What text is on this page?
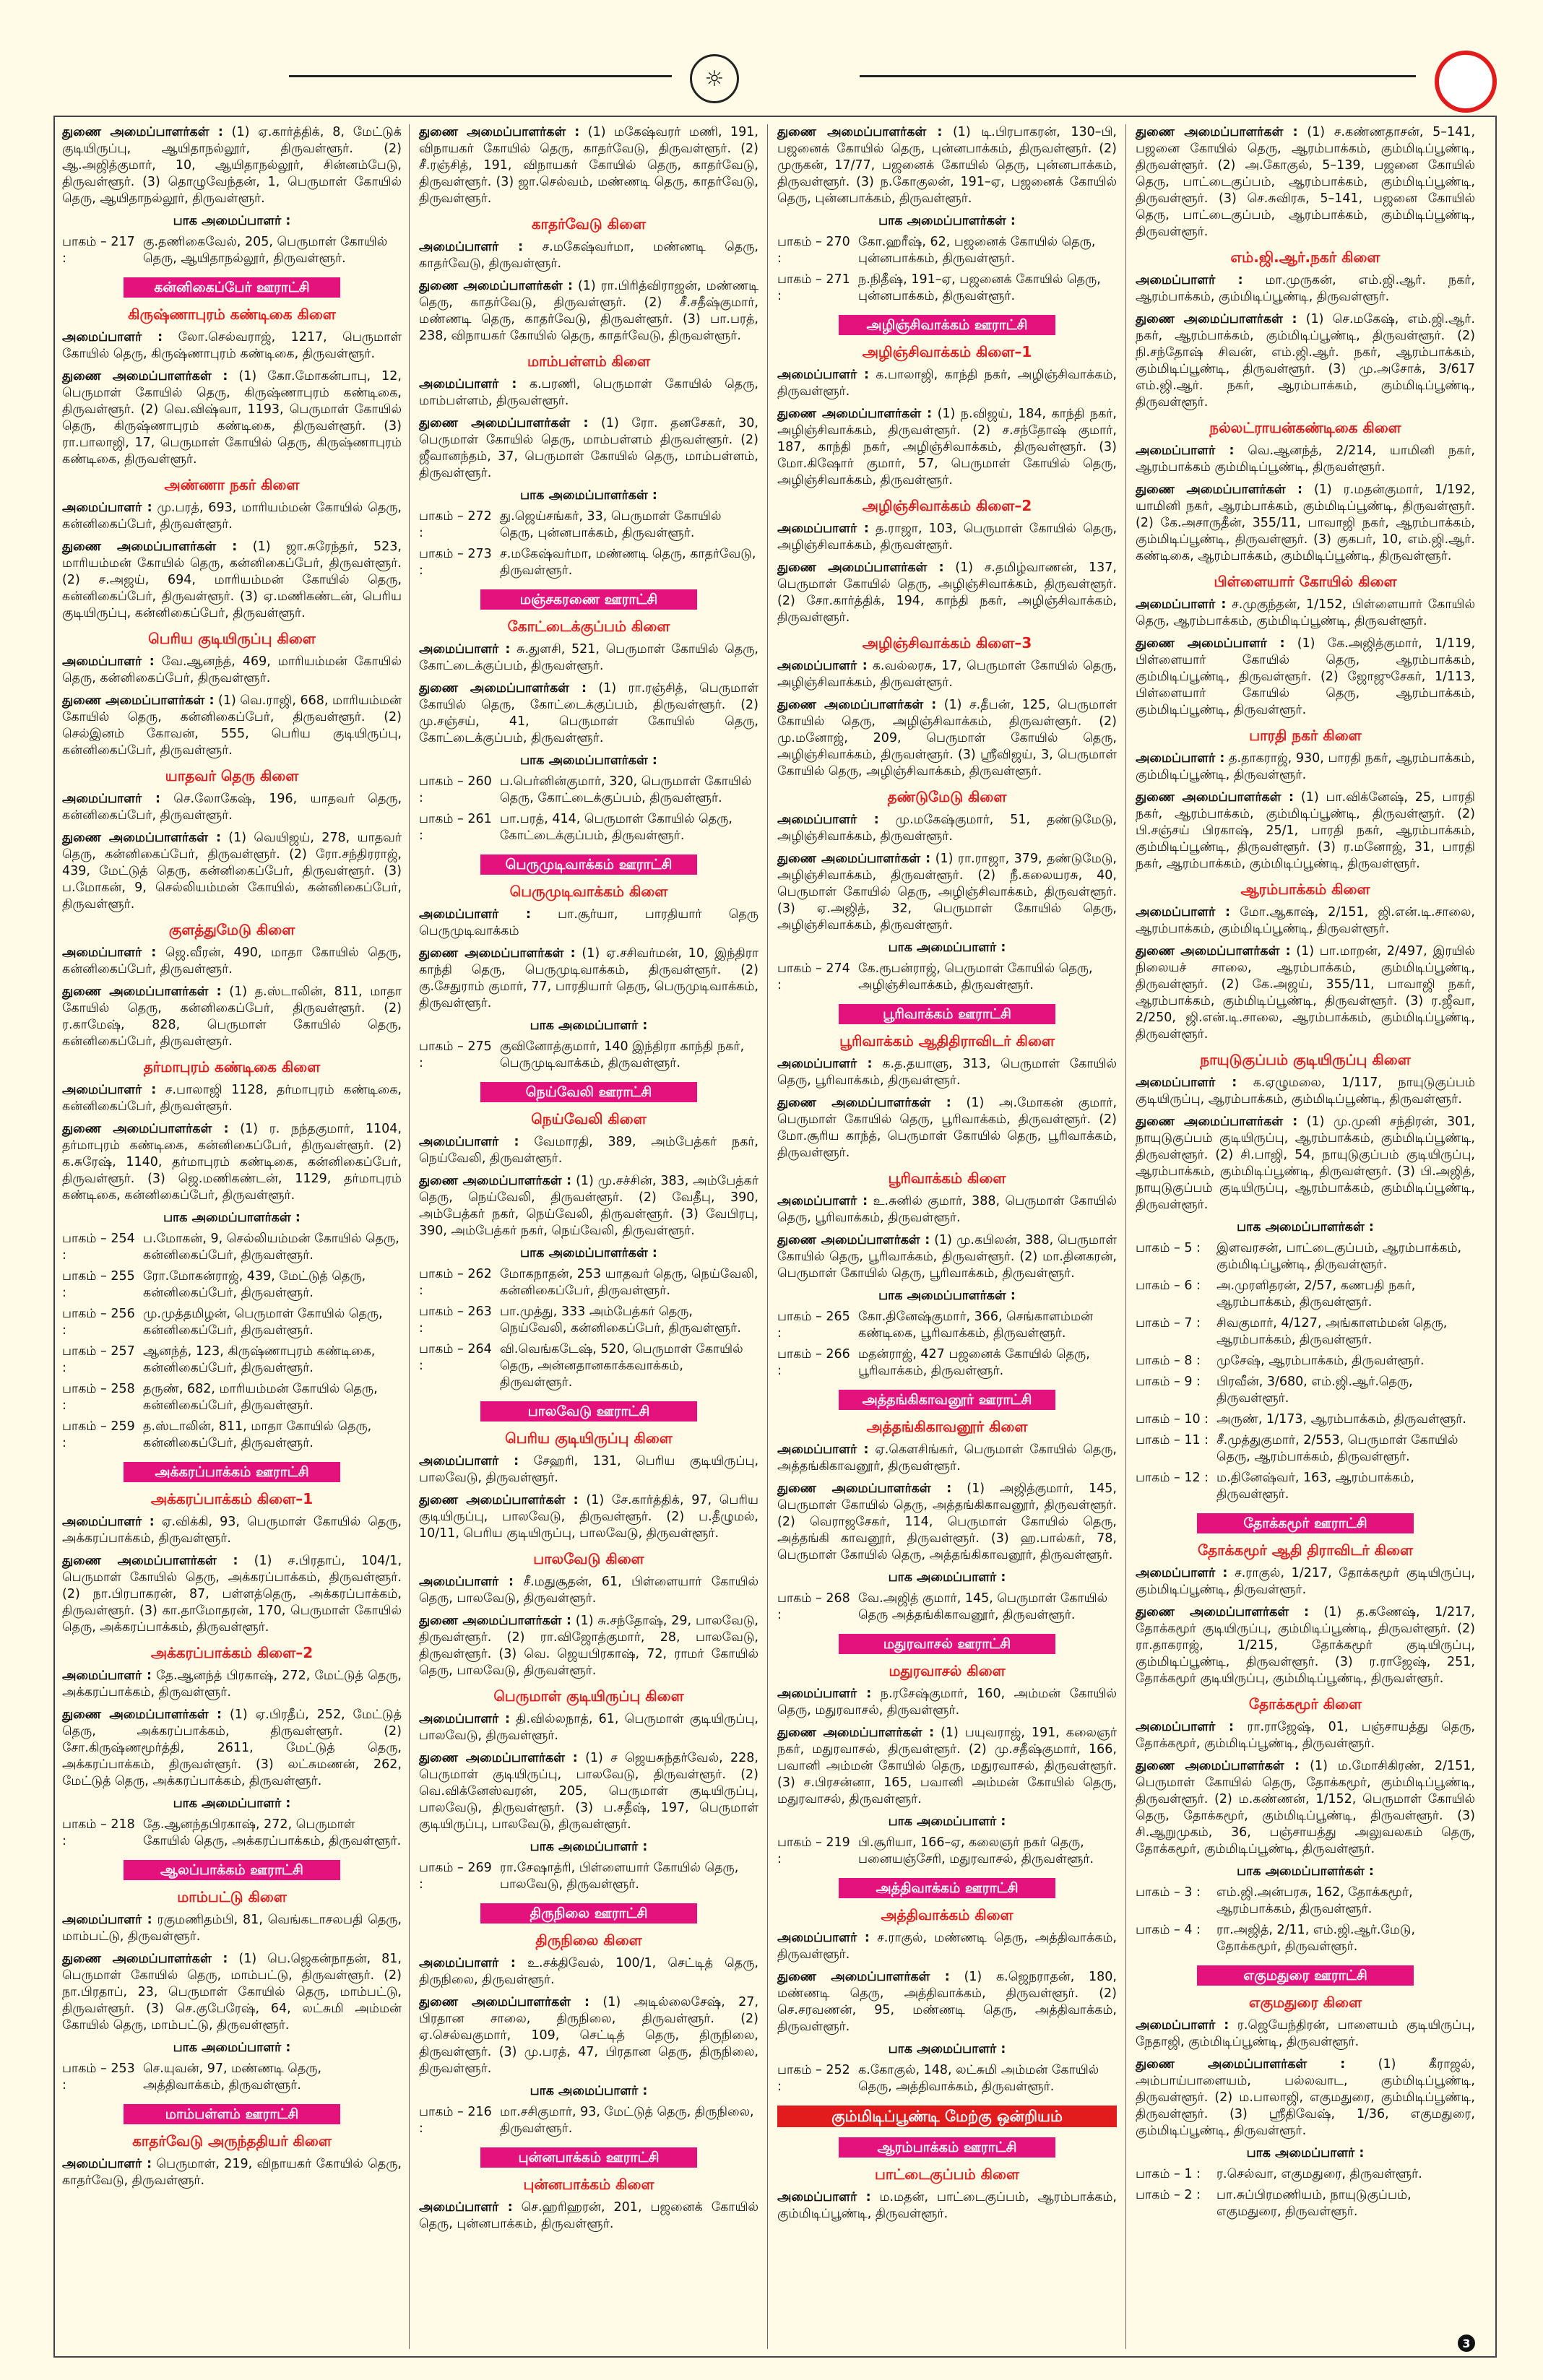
☼

துணை அமைப்பாளர்கள் : (1) ஏ.கார்த்திக், 8, மேட்டுக் குடியிருப்பு, ஆயிதாநல்லூர், திருவள்ளூர். (2) ஆ.அஜித்குமார், 10, ஆயிதாநல்லூர், சின்னம்பேடு, திருவள்ளூர். (3) தொழுவேந்தன், 1, பெருமாள் கோயில் தெரு, ஆயிதாநல்லூர், திருவள்ளூர்.

பாக அமைப்பாளர் :
பாகம் – 217 :
கு.தணிகைவேல், 205, பெருமாள் கோயில் தெரு, ஆயிதாநல்லூர், திருவள்ளூர்.
கன்னிகைப்பேர் ஊராட்சி
கிருஷ்ணாபுரம் கண்டிகை கிளை

அமைப்பாளர் : லோ.செல்வராஜ், 1217, பெருமாள் கோயில் தெரு, கிருஷ்ணாபுரம் கண்டிகை, திருவள்ளூர்.

துணை அமைப்பாளர்கள் : (1) கோ.மோகன்பாபு, 12, பெருமாள் கோயில் தெரு, கிருஷ்ணாபுரம் கண்டிகை, திருவள்ளூர். (2) வெ.விஷ்வா, 1193, பெருமாள் கோயில் தெரு, கிருஷ்ணாபுரம் கண்டிகை, திருவள்ளூர். (3) ரா.பாலாஜி, 17, பெருமாள் கோயில் தெரு, கிருஷ்ணாபுரம் கண்டிகை, திருவள்ளூர்.

அண்ணா நகர் கிளை

அமைப்பாளர் : மு.பரத், 693, மாரியம்மன் கோயில் தெரு, கன்னிகைப்பேர், திருவள்ளூர்.

துணை அமைப்பாளர்கள் : (1) ஜா.சுரேந்தர், 523, மாரியம்மன் கோயில் தெரு, கன்னிகைப்பேர், திருவள்ளூர். (2) ச.அஜய், 694, மாரியம்மன் கோயில் தெரு, கன்னிகைப்பேர், திருவள்ளூர். (3) ஏ.மணிகண்டன், பெரிய குடியிருப்பு, கன்னிகைப்பேர், திருவள்ளூர்.

பெரிய குடியிருப்பு கிளை

அமைப்பாளர் : வே.ஆனந்த், 469, மாரியம்மன் கோயில் தெரு, கன்னிகைப்பேர், திருவள்ளூர்.

துணை அமைப்பாளர்கள் : (1) வெ.ராஜி, 668, மாரியம்மன் கோயில் தெரு, கன்னிகைப்பேர், திருவள்ளூர். (2) செல்இனம் கோவன், 555, பெரிய குடியிருப்பு, கன்னிகைப்பேர், திருவள்ளூர்.

யாதவர் தெரு கிளை

அமைப்பாளர் : செ.லோகேஷ், 196, யாதவர் தெரு, கன்னிகைப்பேர், திருவள்ளூர்.

துணை அமைப்பாளர்கள் : (1) வெயிஜய், 278, யாதவர் தெரு, கன்னிகைப்பேர், திருவள்ளூர். (2) ரோ.சந்திரராஜ், 439, மேட்டுத் தெரு, கன்னிகைப்பேர், திருவள்ளூர். (3) ப.மோகன், 9, செல்லியம்மன் கோயில், கன்னிகைப்பேர், திருவள்ளூர்.

குளத்துமேடு கிளை

அமைப்பாளர் : ஜெ.வீரன், 490, மாதா கோயில் தெரு, கன்னிகைப்பேர், திருவள்ளூர்.

துணை அமைப்பாளர்கள் : (1) த.ஸ்டாலின், 811, மாதா கோயில் தெரு, கன்னிகைப்பேர், திருவள்ளூர். (2) ர.காமேஷ், 828, பெருமாள் கோயில் தெரு, கன்னிகைப்பேர், திருவள்ளூர்.

தர்மாபுரம் கண்டிகை கிளை

அமைப்பாளர் : ச.பாலாஜி 1128, தர்மாபுரம் கண்டிகை, கன்னிகைப்பேர், திருவள்ளூர்.

துணை அமைப்பாளர்கள் : (1) ர. நந்தகுமார், 1104, தர்மாபுரம் கண்டிகை, கன்னிகைப்பேர், திருவள்ளூர். (2) க.சுரேஷ், 1140, தர்மாபுரம் கண்டிகை, கன்னிகைப்பேர், திருவள்ளூர். (3) ஜெ.மணிகண்டன், 1129, தர்மாபுரம் கண்டிகை, கன்னிகைப்பேர், திருவள்ளூர்.

பாக அமைப்பாளர்கள் :
பாகம் – 254 :
ப.மோகன், 9, செல்லியம்மன் கோயில் தெரு, கன்னிகைப்பேர், திருவள்ளூர்.
பாகம் – 255 :
ரோ.மோகன்ராஜ், 439, மேட்டுத் தெரு, கன்னிகைப்பேர், திருவள்ளூர்.
பாகம் – 256 :
மு.முத்தமிழன், பெருமாள் கோயில் தெரு, கன்னிகைப்பேர், திருவள்ளூர்.
பாகம் – 257 :
ஆனந்த், 123, கிருஷ்ணாபுரம் கண்டிகை, கன்னிகைப்பேர், திருவள்ளூர்.
பாகம் – 258 :
தருண், 682, மாரியம்மன் கோயில் தெரு, கன்னிகைப்பேர், திருவள்ளூர்.
பாகம் – 259 :
த.ஸ்டாலின், 811, மாதா கோயில் தெரு, கன்னிகைப்பேர், திருவள்ளூர்.
அக்கரப்பாக்கம் ஊராட்சி
அக்கரப்பாக்கம் கிளை–1

அமைப்பாளர் : ஏ.விக்கி, 93, பெருமாள் கோயில் தெரு, அக்கரப்பாக்கம், திருவள்ளூர்.

துணை அமைப்பாளர்கள் : (1) ச.பிரதாப், 104/1, பெருமாள் கோயில் தெரு, அக்கரப்பாக்கம், திருவள்ளூர். (2) நா.பிரபாகரன், 87, பள்ளத்தெரு, அக்கரப்பாக்கம், திருவள்ளூர். (3) கா.தாமோதரன், 170, பெருமாள் கோயில் தெரு, அக்கரப்பாக்கம், திருவள்ளூர்.

அக்கரப்பாக்கம் கிளை–2

அமைப்பாளர் : தே.ஆனந்த் பிரகாஷ், 272, மேட்டுத் தெரு, அக்கரப்பாக்கம், திருவள்ளூர்.

துணை அமைப்பாளர்கள் : (1) ஏ.பிரதீப், 252, மேட்டுத் தெரு, அக்கரப்பாக்கம், திருவள்ளூர். (2) சோ.கிருஷ்ணமூர்த்தி, 2611, மேட்டுத் தெரு, அக்கரப்பாக்கம், திருவள்ளூர். (3) லட்சுமணன், 262, மேட்டுத் தெரு, அக்கரப்பாக்கம், திருவள்ளூர்.

பாக அமைப்பாளர் :
பாகம் – 218 :
தே.ஆனந்தபிரகாஷ், 272, பெருமாள் கோயில் தெரு, அக்கரப்பாக்கம், திருவள்ளூர்.
ஆலப்பாக்கம் ஊராட்சி
மாம்பட்டு கிளை

அமைப்பாளர் : ரகுமணிதம்பி, 81, வெங்கடாசலபதி தெரு, மாம்பட்டு, திருவள்ளூர்.

துணை அமைப்பாளர்கள் : (1) பெ.ஜெகன்நாதன், 81, பெருமாள் கோயில் தெரு, மாம்பட்டு, திருவள்ளூர். (2) நா.பிரதாப், 23, பெருமாள் கோயில் தெரு, மாம்பட்டு, திருவள்ளூர். (3) செ.குபேரேஷ், 64, லட்சுமி அம்மன் கோயில் தெரு, மாம்பட்டு, திருவள்ளூர்.

பாக அமைப்பாளர் :
பாகம் – 253 :
செ.யுவன், 97, மண்ணடி தெரு, அத்திவாக்கம், திருவள்ளூர்.
மாம்பள்ளம் ஊராட்சி
காதர்வேடு அருந்ததியர் கிளை

அமைப்பாளர் : பெருமாள், 219, விநாயகர் கோயில் தெரு, காதர்வேடு, திருவள்ளூர்.

துணை அமைப்பாளர்கள் : (1) மகேஷ்வரர் மணி, 191, விநாயகர் கோயில் தெரு, காதர்வேடு, திருவள்ளூர். (2) சீ.ரஞ்சித், 191, விநாயகர் கோயில் தெரு, காதர்வேடு, திருவள்ளூர். (3) ஜா.செல்வம், மண்ணடி தெரு, காதர்வேடு, திருவள்ளூர்.

காதர்வேடு கிளை

அமைப்பாளர் : ச.மகேஷ்வர்மா, மண்ணடி தெரு, காதர்வேடு, திருவள்ளூர்.

துணை அமைப்பாளர்கள் : (1) ரா.பிரித்விராஜன், மண்ணடி தெரு, காதர்வேடு, திருவள்ளூர். (2) சீ.சதீஷ்குமார், மண்ணடி தெரு, காதர்வேடு, திருவள்ளூர். (3) பா.பரத், 238, விநாயகர் கோயில் தெரு, காதர்வேடு, திருவள்ளூர்.

மாம்பள்ளம் கிளை

அமைப்பாளர் : க.பரணி, பெருமாள் கோயில் தெரு, மாம்பள்ளம், திருவள்ளூர்.

துணை அமைப்பாளர்கள் : (1) ரோ. தனசேகர், 30, பெருமாள் கோயில் தெரு, மாம்பள்ளம் திருவள்ளூர். (2) ஜீவானந்தம், 37, பெருமாள் கோயில் தெரு, மாம்பள்ளம், திருவள்ளூர்.

பாக அமைப்பாளர்கள் :
பாகம் – 272 :
து.ஜெய்சங்கர், 33, பெருமாள் கோயில் தெரு, புன்னபாக்கம், திருவள்ளூர்.
பாகம் – 273 :
ச.மகேஷ்வர்மா, மண்ணடி தெரு, காதர்வேடு, திருவள்ளூர்.
மஞ்சகரணை ஊராட்சி
கோட்டைக்குப்பம் கிளை

அமைப்பாளர் : சு.துளசி, 521, பெருமாள் கோயில் தெரு, கோட்டைக்குப்பம், திருவள்ளூர்.

துணை அமைப்பாளர்கள் : (1) ரா.ரஞ்சித், பெருமாள் கோயில் தெரு, கோட்டைக்குப்பம், திருவள்ளூர். (2) மு.சஞ்சய், 41, பெருமாள் கோயில் தெரு, கோட்டைக்குப்பம், திருவள்ளூர்.

பாக அமைப்பாளர்கள் :
பாகம் – 260 :
ப.பெர்னின்குமார், 320, பெருமாள் கோயில் தெரு, கோட்டைக்குப்பம், திருவள்ளூர்.
பாகம் – 261 :
பா.பரத், 414, பெருமாள் கோயில் தெரு, கோட்டைக்குப்பம், திருவள்ளூர்.
பெருமுடிவாக்கம் ஊராட்சி
பெருமுடிவாக்கம் கிளை

அமைப்பாளர் : பா.சூர்யா, பாரதியார் தெரு பெருமுடிவாக்கம்

துணை அமைப்பாளர்கள் : (1) ஏ.சசிவர்மன், 10, இந்திரா காந்தி தெரு, பெருமுடிவாக்கம், திருவள்ளூர். (2) கு.சேதுராம் குமார், 77, பாரதியார் தெரு, பெருமுடிவாக்கம், திருவள்ளூர்.

பாக அமைப்பாளர் :
பாகம் – 275 :
குவினோத்குமார், 140 இந்திரா காந்தி நகர், பெருமுடிவாக்கம், திருவள்ளூர்.
நெய்வேலி ஊராட்சி
நெய்வேலி கிளை

அமைப்பாளர் : வேமாரதி, 389, அம்பேத்கர் நகர், நெய்வேலி, திருவள்ளூர்.

துணை அமைப்பாளர்கள் : (1) மு.சச்சின், 383, அம்பேத்கர் தெரு, நெய்வேலி, திருவள்ளூர். (2) வேதீபு, 390, அம்பேத்கர் நகர், நெய்வேலி, திருவள்ளூர். (3) வேபிரபு, 390, அம்பேத்கர் நகர், நெய்வேலி, திருவள்ளூர்.

பாக அமைப்பாளர்கள் :
பாகம் – 262 :
மோகநாதன், 253 யாதவர் தெரு, நெய்வேலி, கன்னிகைப்பேர், திருவள்ளூர்.
பாகம் – 263 :
பா.முத்து, 333 அம்பேத்கர் தெரு, நெய்வேலி, கன்னிகைப்பேர், திருவள்ளூர்.
பாகம் – 264 :
வி.வெங்கடேஷ், 520, பெருமாள் கோயில் தெரு, அன்னதானகாக்கவாக்கம், திருவள்ளூர்.
பாலவேடு ஊராட்சி
பெரிய குடியிருப்பு கிளை

அமைப்பாளர் : சேஹரி, 131, பெரிய குடியிருப்பு, பாலவேடு, திருவள்ளூர்.

துணை அமைப்பாளர்கள் : (1) சே.கார்த்திக், 97, பெரிய குடியிருப்பு, பாலவேடு, திருவள்ளூர். (2) ப.தீழுமல், 10/11, பெரிய குடியிருப்பு, பாலவேடு, திருவள்ளூர்.

பாலவேடு கிளை

அமைப்பாளர் : சீ.மதுசூதன், 61, பிள்ளையார் கோயில் தெரு, பாலவேடு, திருவள்ளூர்.

துணை அமைப்பாளர்கள் : (1) சு.சந்தோஷ், 29, பாலவேடு, திருவள்ளூர். (2) ரா.விஜோத்குமார், 28, பாலவேடு, திருவள்ளூர். (3) வெ. ஜெயபிரகாஷ், 72, ராமர் கோயில் தெரு, பாலவேடு, திருவள்ளூர்.

பெருமாள் குடியிருப்பு கிளை

அமைப்பாளர் : தி.வில்லநாத், 61, பெருமாள் குடியிருப்பு, பாலவேடு, திருவள்ளூர்.

துணை அமைப்பாளர்கள் : (1) ச ஜெயசுந்தர்வேல், 228, பெருமாள் குடியிருப்பு, பாலவேடு, திருவள்ளூர். (2) வெ.விக்னேஸ்வரன், 205, பெருமாள் குடியிருப்பு, பாலவேடு, திருவள்ளூர். (3) ப.சதீஷ், 197, பெருமாள் குடியிருப்பு, பாலவேடு, திருவள்ளூர்.

பாக அமைப்பாளர் :
பாகம் – 269 :
ரா.சேஷாத்ரி, பிள்ளையார் கோயில் தெரு, பாலவேடு, திருவள்ளூர்.
திருநிலை ஊராட்சி
திருநிலை கிளை

அமைப்பாளர் : உ.சக்திவேல், 100/1, செட்டித் தெரு, திருநிலை, திருவள்ளூர்.

துணை அமைப்பாளர்கள் : (1) அடில்லைசேஷ், 27, பிரதான சாலை, திருநிலை, திருவள்ளூர். (2) ஏ.செல்வகுமார், 109, செட்டித் தெரு, திருநிலை, திருவள்ளூர். (3) மு.பரத், 47, பிரதான தெரு, திருநிலை, திருவள்ளூர்.

பாக அமைப்பாளர் :
பாகம் – 216 :
மா.சசிகுமார், 93, மேட்டுத் தெரு, திருநிலை, திருவள்ளூர்.
புன்னபாக்கம் ஊராட்சி
புன்னபாக்கம் கிளை

அமைப்பாளர் : செ.ஹரிஹரன், 201, பஜனைக் கோயில் தெரு, புன்னபாக்கம், திருவள்ளூர்.

துணை அமைப்பாளர்கள் : (1) டி.பிரபாகரன், 130–பி, பஜனைக் கோயில் தெரு, புன்னபாக்கம், திருவள்ளூர். (2) முருகன், 17/77, பஜனைக் கோயில் தெரு, புன்னபாக்கம், திருவள்ளூர். (3) ந.கோகுலன், 191–ஏ, பஜனைக் கோயில் தெரு, புன்னபாக்கம், திருவள்ளூர்.

பாக அமைப்பாளர்கள் :
பாகம் – 270 :
கோ.ஹரீஷ், 62, பஜனைக் கோயில் தெரு, புன்னபாக்கம், திருவள்ளூர்.
பாகம் – 271 :
ந.நிதீஷ், 191–ஏ, பஜனைக் கோயில் தெரு, புன்னபாக்கம், திருவள்ளூர்.
அழிஞ்சிவாக்கம் ஊராட்சி
அழிஞ்சிவாக்கம் கிளை–1

அமைப்பாளர் : க.பாலாஜி, காந்தி நகர், அழிஞ்சிவாக்கம், திருவள்ளூர்.

துணை அமைப்பாளர்கள் : (1) ந.விஜய், 184, காந்தி நகர், அழிஞ்சிவாக்கம், திருவள்ளூர். (2) ச.சந்தோஷ் குமார், 187, காந்தி நகர், அழிஞ்சிவாக்கம், திருவள்ளூர். (3) மோ.கிஷோர் குமார், 57, பெருமாள் கோயில் தெரு, அழிஞ்சிவாக்கம், திருவள்ளூர்.

அழிஞ்சிவாக்கம் கிளை–2

அமைப்பாளர் : த.ராஜா, 103, பெருமாள் கோயில் தெரு, அழிஞ்சிவாக்கம், திருவள்ளூர்.

துணை அமைப்பாளர்கள் : (1) ச.தமிழ்வாணன், 137, பெருமாள் கோயில் தெரு, அழிஞ்சிவாக்கம், திருவள்ளூர். (2) சோ.கார்த்திக், 194, காந்தி நகர், அழிஞ்சிவாக்கம், திருவள்ளூர்.

அழிஞ்சிவாக்கம் கிளை–3

அமைப்பாளர் : க.வல்லரசு, 17, பெருமாள் கோயில் தெரு, அழிஞ்சிவாக்கம், திருவள்ளூர்.

துணை அமைப்பாளர்கள் : (1) ச.தீபன், 125, பெருமாள் கோயில் தெரு, அழிஞ்சிவாக்கம், திருவள்ளூர். (2) மு.மனோஜ், 209, பெருமாள் கோயில் தெரு, அழிஞ்சிவாக்கம், திருவள்ளூர். (3) ஸ்ரீவிஜய், 3, பெருமாள் கோயில் தெரு, அழிஞ்சிவாக்கம், திருவள்ளூர்.

தண்டுமேடு கிளை

அமைப்பாளர் : மு.மகேஷ்குமார், 51, தண்டுமேடு, அழிஞ்சிவாக்கம், திருவள்ளூர்.

துணை அமைப்பாளர்கள் : (1) ரா.ராஜா, 379, தண்டுமேடு, அழிஞ்சிவாக்கம், திருவள்ளூர். (2) நீ.கலையரசு, 40, பெருமாள் கோயில் தெரு, அழிஞ்சிவாக்கம், திருவள்ளூர். (3) ஏ.அஜித், 32, பெருமாள் கோயில் தெரு, அழிஞ்சிவாக்கம், திருவள்ளூர்.

பாக அமைப்பாளர் :
பாகம் – 274 :
கே.ரூபன்ராஜ், பெருமாள் கோயில் தெரு, அழிஞ்சிவாக்கம், திருவள்ளூர்.
பூரிவாக்கம் ஊராட்சி
பூரிவாக்கம் ஆதிதிராவிடர் கிளை

அமைப்பாளர் : க.த.தயாளு, 313, பெருமாள் கோயில் தெரு, பூரிவாக்கம், திருவள்ளூர்.

துணை அமைப்பாளர்கள் : (1) அ.மோகன் குமார், பெருமாள் கோயில் தெரு, பூரிவாக்கம், திருவள்ளூர். (2) மோ.சூரிய காந்த், பெருமாள் கோயில் தெரு, பூரிவாக்கம், திருவள்ளூர்.

பூரிவாக்கம் கிளை

அமைப்பாளர் : உ.சுனில் குமார், 388, பெருமாள் கோயில் தெரு, பூரிவாக்கம், திருவள்ளூர்.

துணை அமைப்பாளர்கள் : (1) மு.கபிலன், 388, பெருமாள் கோயில் தெரு, பூரிவாக்கம், திருவள்ளூர். (2) மா.தினகரன், பெருமாள் கோயில் தெரு, பூரிவாக்கம், திருவள்ளூர்.

பாக அமைப்பாளர்கள் :
பாகம் – 265 :
கோ.தினேஷ்குமார், 366, செங்காளம்மன் கண்டிகை, பூரிவாக்கம், திருவள்ளூர்.
பாகம் – 266 :
மதன்ராஜ், 427 பஜனைக் கோயில் தெரு, பூரிவாக்கம், திருவள்ளூர்.
அத்தங்கிகாவனூர் ஊராட்சி
அத்தங்கிகாவனூர் கிளை

அமைப்பாளர் : ஏ.கௌசிங்கர், பெருமாள் கோயில் தெரு, அத்தங்கிகாவனூர், திருவள்ளூர்.

துணை அமைப்பாளர்கள் : (1) அஜித்குமார், 145, பெருமாள் கோயில் தெரு, அத்தங்கிகாவனூர், திருவள்ளூர். (2) வெராஜசேகர், 114, பெருமாள் கோயில் தெரு, அத்தங்கி காவனூர், திருவள்ளூர். (3) ஹ.பால்கர், 78, பெருமாள் கோயில் தெரு, அத்தங்கிகாவனூர், திருவள்ளூர்.

பாக அமைப்பாளர் :
பாகம் – 268 :
வே.அஜித் குமார், 145, பெருமாள் கோயில் தெரு அத்தங்கிகாவனூர், திருவள்ளூர்.
மதுரவாசல் ஊராட்சி
மதுரவாசல் கிளை

அமைப்பாளர் : ந.ரசேஷ்குமார், 160, அம்மன் கோயில் தெரு, மதுரவாசல், திருவள்ளூர்.

துணை அமைப்பாளர்கள் : (1) பயுவராஜ், 191, கலைஞர் நகர், மதுரவாசல், திருவள்ளூர். (2) மு.சதீஷ்குமார், 166, பவானி அம்மன் கோயில் தெரு, மதுரவாசல், திருவள்ளூர். (3) ச.பிரசன்னா, 165, பவானி அம்மன் கோயில் தெரு, மதுரவாசல், திருவள்ளூர்.

பாக அமைப்பாளர் :
பாகம் – 219 :
பி.சூரியா, 166–ஏ, கலைஞர் நகர் தெரு, பனையஞ்சேரி, மதுரவாசல், திருவள்ளூர்.
அத்திவாக்கம் ஊராட்சி
அத்திவாக்கம் கிளை

அமைப்பாளர் : ச.ராகுல், மண்ணடி தெரு, அத்திவாக்கம், திருவள்ளூர்.

துணை அமைப்பாளர்கள் : (1) க.ஜெநராதன், 180, மண்ணடி தெரு, அத்திவாக்கம், திருவள்ளூர். (2) செ.சரவணன், 95, மண்ணடி தெரு, அத்திவாக்கம், திருவள்ளூர்.

பாக அமைப்பாளர் :
பாகம் – 252 :
க.கோகுல், 148, லட்சுமி அம்மன் கோயில் தெரு, அத்திவாக்கம், திருவள்ளூர்.
கும்மிடிப்பூண்டி மேற்கு ஒன்றியம்
ஆரம்பாக்கம் ஊராட்சி
பாட்டைகுப்பம் கிளை

அமைப்பாளர் : ம.மதன், பாட்டைகுப்பம், ஆரம்பாக்கம், கும்மிடிப்பூண்டி, திருவள்ளூர்.

துணை அமைப்பாளர்கள் : (1) ச.கண்ணதாசன், 5–141, பஜனை கோயில் தெரு, ஆரம்பாக்கம், கும்மிடிப்பூண்டி, திருவள்ளூர். (2) அ.கோகுல், 5–139, பஜனை கோயில் தெரு, பாட்டைகுப்பம், ஆரம்பாக்கம், கும்மிடிப்பூண்டி, திருவள்ளூர். (3) செ.சுவிரசு, 5–141, பஜனை கோயில் தெரு, பாட்டைகுப்பம், ஆரம்பாக்கம், கும்மிடிப்பூண்டி, திருவள்ளூர்.

எம்.ஜி.ஆர்.நகர் கிளை

அமைப்பாளர் : மா.முருகன், எம்.ஜி.ஆர். நகர், ஆரம்பாக்கம், கும்மிடிப்பூண்டி, திருவள்ளூர்.

துணை அமைப்பாளர்கள் : (1) செ.மகேஷ், எம்.ஜி.ஆர். நகர், ஆரம்பாக்கம், கும்மிடிப்பூண்டி, திருவள்ளூர். (2) நி.சந்தோஷ் சிவன், எம்.ஜி.ஆர். நகர், ஆரம்பாக்கம், கும்மிடிப்பூண்டி, திருவள்ளூர். (3) மு.அசோக், 3/617 எம்.ஜி.ஆர். நகர், ஆரம்பாக்கம், கும்மிடிப்பூண்டி, திருவள்ளூர்.

நல்லட்ராயன்கண்டிகை கிளை

அமைப்பாளர் : வெ.ஆனந்த், 2/214, யாமினி நகர், ஆரம்பாக்கம் கும்மிடிப்பூண்டி, திருவள்ளூர்.

துணை அமைப்பாளர்கள் : (1) ர.மதன்குமார், 1/192, யாமினி நகர், ஆரம்பாக்கம், கும்மிடிப்பூண்டி, திருவள்ளூர். (2) கே.அசாருதீன், 355/11, பாவாஜி நகர், ஆரம்பாக்கம், கும்மிடிப்பூண்டி, திருவள்ளூர். (3) குகபர், 10, எம்.ஜி.ஆர். கண்டிகை, ஆரம்பாக்கம், கும்மிடிப்பூண்டி, திருவள்ளூர்.

பிள்ளையார் கோயில் கிளை

அமைப்பாளர் : ச.முகுந்தன், 1/152, பிள்ளையார் கோயில் தெரு, ஆரம்பாக்கம், கும்மிடிப்பூண்டி, திருவள்ளூர்.

துணை அமைப்பாளர் : (1) கே.அஜித்குமார், 1/119, பிள்ளையார் கோயில் தெரு, ஆரம்பாக்கம், கும்மிடிப்பூண்டி, திருவள்ளூர். (2) ஜோஜுசேகர், 1/113, பிள்ளையார் கோயில் தெரு, ஆரம்பாக்கம், கும்மிடிப்பூண்டி, திருவள்ளூர்.

பாரதி நகர் கிளை

அமைப்பாளர் : த.தாகராஜ், 930, பாரதி நகர், ஆரம்பாக்கம், கும்மிடிப்பூண்டி, திருவள்ளூர்.

துணை அமைப்பாளர்கள் : (1) பா.விக்னேஷ், 25, பாரதி நகர், ஆரம்பாக்கம், கும்மிடிப்பூண்டி, திருவள்ளூர். (2) பி.சஞ்சய் பிரகாஷ், 25/1, பாரதி நகர், ஆரம்பாக்கம், கும்மிடிப்பூண்டி, திருவள்ளூர். (3) ர.மனோஜ், 31, பாரதி நகர், ஆரம்பாக்கம், கும்மிடிப்பூண்டி, திருவள்ளூர்.

ஆரம்பாக்கம் கிளை

அமைப்பாளர் : மோ.ஆகாஷ், 2/151, ஜி.என்.டி.சாலை, ஆரம்பாக்கம், கும்மிடிப்பூண்டி, திருவள்ளூர்.

துணை அமைப்பாளர்கள் : (1) பா.மாறன், 2/497, இரயில் நிலையச் சாலை, ஆரம்பாக்கம், கும்மிடிப்பூண்டி, திருவள்ளூர். (2) கே.அஜய், 355/11, பாவாஜி நகர், ஆரம்பாக்கம், கும்மிடிப்பூண்டி, திருவள்ளூர். (3) ர.ஜீவா, 2/250, ஜி.என்.டி.சாலை, ஆரம்பாக்கம், கும்மிடிப்பூண்டி, திருவள்ளூர்.

நாயுடுகுப்பம் குடியிருப்பு கிளை

அமைப்பாளர் : க.ஏழுமலை, 1/117, நாயுடுகுப்பம் குடியிருப்பு, ஆரம்பாக்கம், கும்மிடிப்பூண்டி, திருவள்ளூர்.

துணை அமைப்பாளர்கள் : (1) மு.முனி சந்திரன், 301, நாயுடுகுப்பம் குடியிருப்பு, ஆரம்பாக்கம், கும்மிடிப்பூண்டி, திருவள்ளூர். (2) சி.பாஜி, 54, நாயுடுகுப்பம் குடியிருப்பு, ஆரம்பாக்கம், கும்மிடிப்பூண்டி, திருவள்ளூர். (3) பி.அஜித், நாயுடுகுப்பம் குடியிருப்பு, ஆரம்பாக்கம், கும்மிடிப்பூண்டி, திருவள்ளூர்.

பாக அமைப்பாளர்கள் :
பாகம் – 5 :	இளவரசன், பாட்டைகுப்பம், ஆரம்பாக்கம், கும்மிடிப்பூண்டி, திருவள்ளூர்.
பாகம் – 6 :	அ.முரளிதரன், 2/57, கணபதி நகர், ஆரம்பாக்கம், திருவள்ளூர்.
பாகம் – 7 :	சிவகுமார், 4/127, அங்காளம்மன் தெரு, ஆரம்பாக்கம், திருவள்ளூர்.
பாகம் – 8 :	முசேஷ், ஆரம்பாக்கம், திருவள்ளூர்.
பாகம் – 9 :	பிரவீன், 3/680, எம்.ஜி.ஆர்.தெரு, திருவள்ளூர்.
பாகம் – 10 : அருண், 1/173, ஆரம்பாக்கம், திருவள்ளூர்.
பாகம் – 11 : சீ.முத்துகுமார், 2/553, பெருமாள் கோயில் தெரு, ஆரம்பாக்கம், திருவள்ளூர்.
பாகம் – 12 : ம.தினேஷ்வர், 163, ஆரம்பாக்கம், திருவள்ளூர்.
தோக்கமூர் ஊராட்சி
தோக்கமூர் ஆதி திராவிடர் கிளை

அமைப்பாளர் : ச.ராகுல், 1/217, தோக்கமூர் குடியிருப்பு, கும்மிடிப்பூண்டி, திருவள்ளூர்.

துணை அமைப்பாளர்கள் : (1) த.கணேஷ், 1/217, தோக்கமூர் குடியிருப்பு, கும்மிடிப்பூண்டி, திருவள்ளூர். (2) ரா.தாகராஜ், 1/215, தோக்கமூர் குடியிருப்பு, கும்மிடிப்பூண்டி, திருவள்ளூர். (3) ர.ராஜேஷ், 251, தோக்கமூர் குடியிருப்பு, கும்மிடிப்பூண்டி, திருவள்ளூர்.

தோக்கமூர் கிளை

அமைப்பாளர் : ரா.ராஜேஷ், 01, பஞ்சாயத்து தெரு, தோக்கமூர், கும்மிடிப்பூண்டி, திருவள்ளூர்.

துணை அமைப்பாளர்கள் : (1) ம.மோசிகிரண், 2/151, பெருமாள் கோயில் தெரு, தோக்கமூர், கும்மிடிப்பூண்டி, திருவள்ளூர். (2) ம.கண்ணன், 1/152, பெருமாள் கோயில் தெரு, தோக்கமூர், கும்மிடிப்பூண்டி, திருவள்ளூர். (3) சி.ஆறுமுகம், 36, பஞ்சாயத்து அலுவலகம் தெரு, தோக்கமூர், கும்மிடிப்பூண்டி, திருவள்ளூர்.

பாக அமைப்பாளர்கள் :
பாகம் – 3 :	எம்.ஜி.அன்பரசு, 162, தோக்கமூர், ஆரம்பாக்கம், திருவள்ளூர்.
பாகம் – 4 :	ரா.அஜித், 2/11, எம்.ஜி.ஆர்.மேடு, தோக்கமூர், திருவள்ளூர்.
எகுமதுரை ஊராட்சி
எகுமதுரை கிளை

அமைப்பாளர் : ர.ஜெயேந்திரன், பாளையம் குடியிருப்பு, நேதாஜி, கும்மிடிப்பூண்டி, திருவள்ளூர்.

துணை அமைப்பாளர்கள் : (1) கீராஜல், அம்பாய்பாளையம், பல்லவாட, கும்மிடிப்பூண்டி, திருவள்ளூர். (2) ம.பாலாஜி, எகுமதுரை, கும்மிடிப்பூண்டி, திருவள்ளூர். (3) ஸ்ரீதிவேஷ், 1/36, எகுமதுரை, கும்மிடிப்பூண்டி, திருவள்ளூர்.

பாக அமைப்பாளர் :
பாகம் – 1 :	ர.செல்வா, எகுமதுரை, திருவள்ளூர்.
பாகம் – 2 :	பா.சுப்பிரமணியம், நாயுடுகுப்பம், எகுமதுரை, திருவள்ளூர்.
3
